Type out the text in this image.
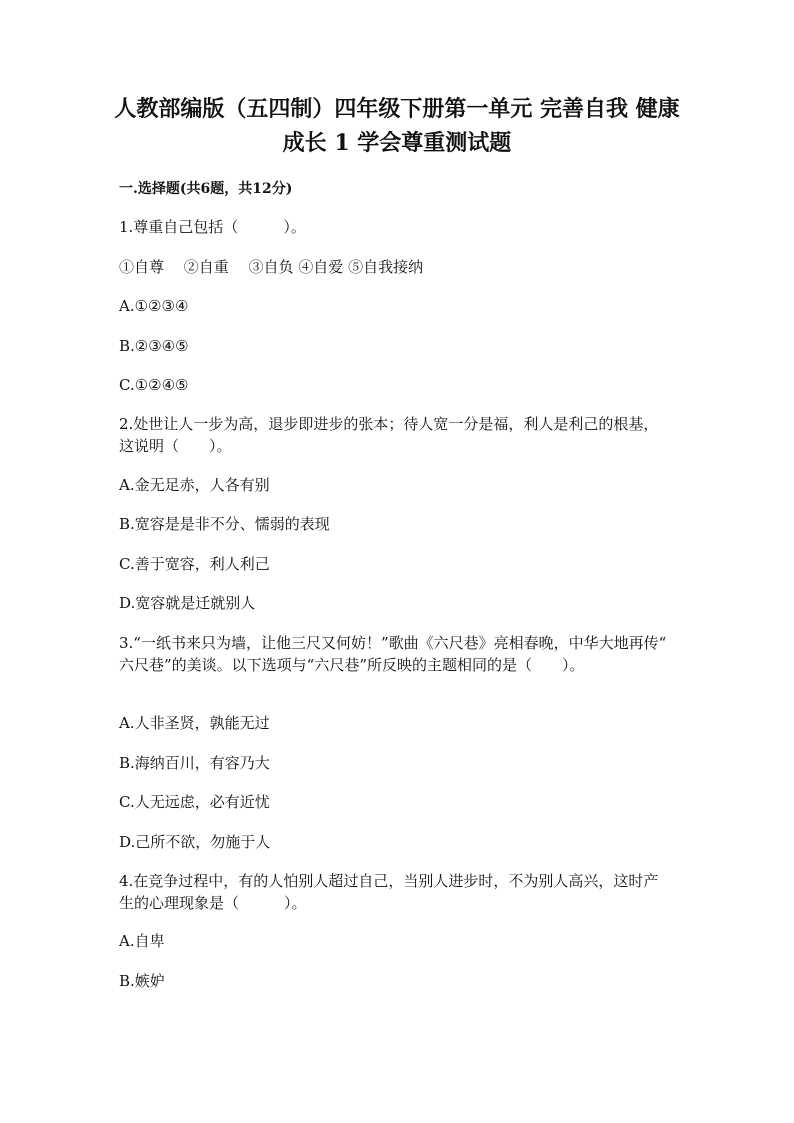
人教部编版（五四制）四年级下册第一单元 完善自我 健康成长 1 学会尊重测试题
一.选择题(共6题，共12分)
1.尊重自己包括（　　　）。
①自尊　 ②自重　 ③自负 ④自爱 ⑤自我接纳
A.①②③④
B.②③④⑤
C.①②④⑤
2.处世让人一步为高，退步即进步的张本；待人宽一分是福，利人是利己的根基，这说明（　　）。
A.金无足赤，人各有别
B.宽容是是非不分、懦弱的表现
C.善于宽容，利人利己
D.宽容就是迁就别人
3.“一纸书来只为墙，让他三尺又何妨！”歌曲《六尺巷》亮相春晚，中华大地再传“ 六尺巷”的美谈。以下选项与“六尺巷”所反映的主题相同的是（　　）。
A.人非圣贤，孰能无过
B.海纳百川，有容乃大
C.人无远虑，必有近忧
D.己所不欲，勿施于人
4.在竞争过程中，有的人怕别人超过自己，当别人进步时，不为别人高兴，这时产生的心理现象是（　　　）。
A.自卑
B.嫉妒
